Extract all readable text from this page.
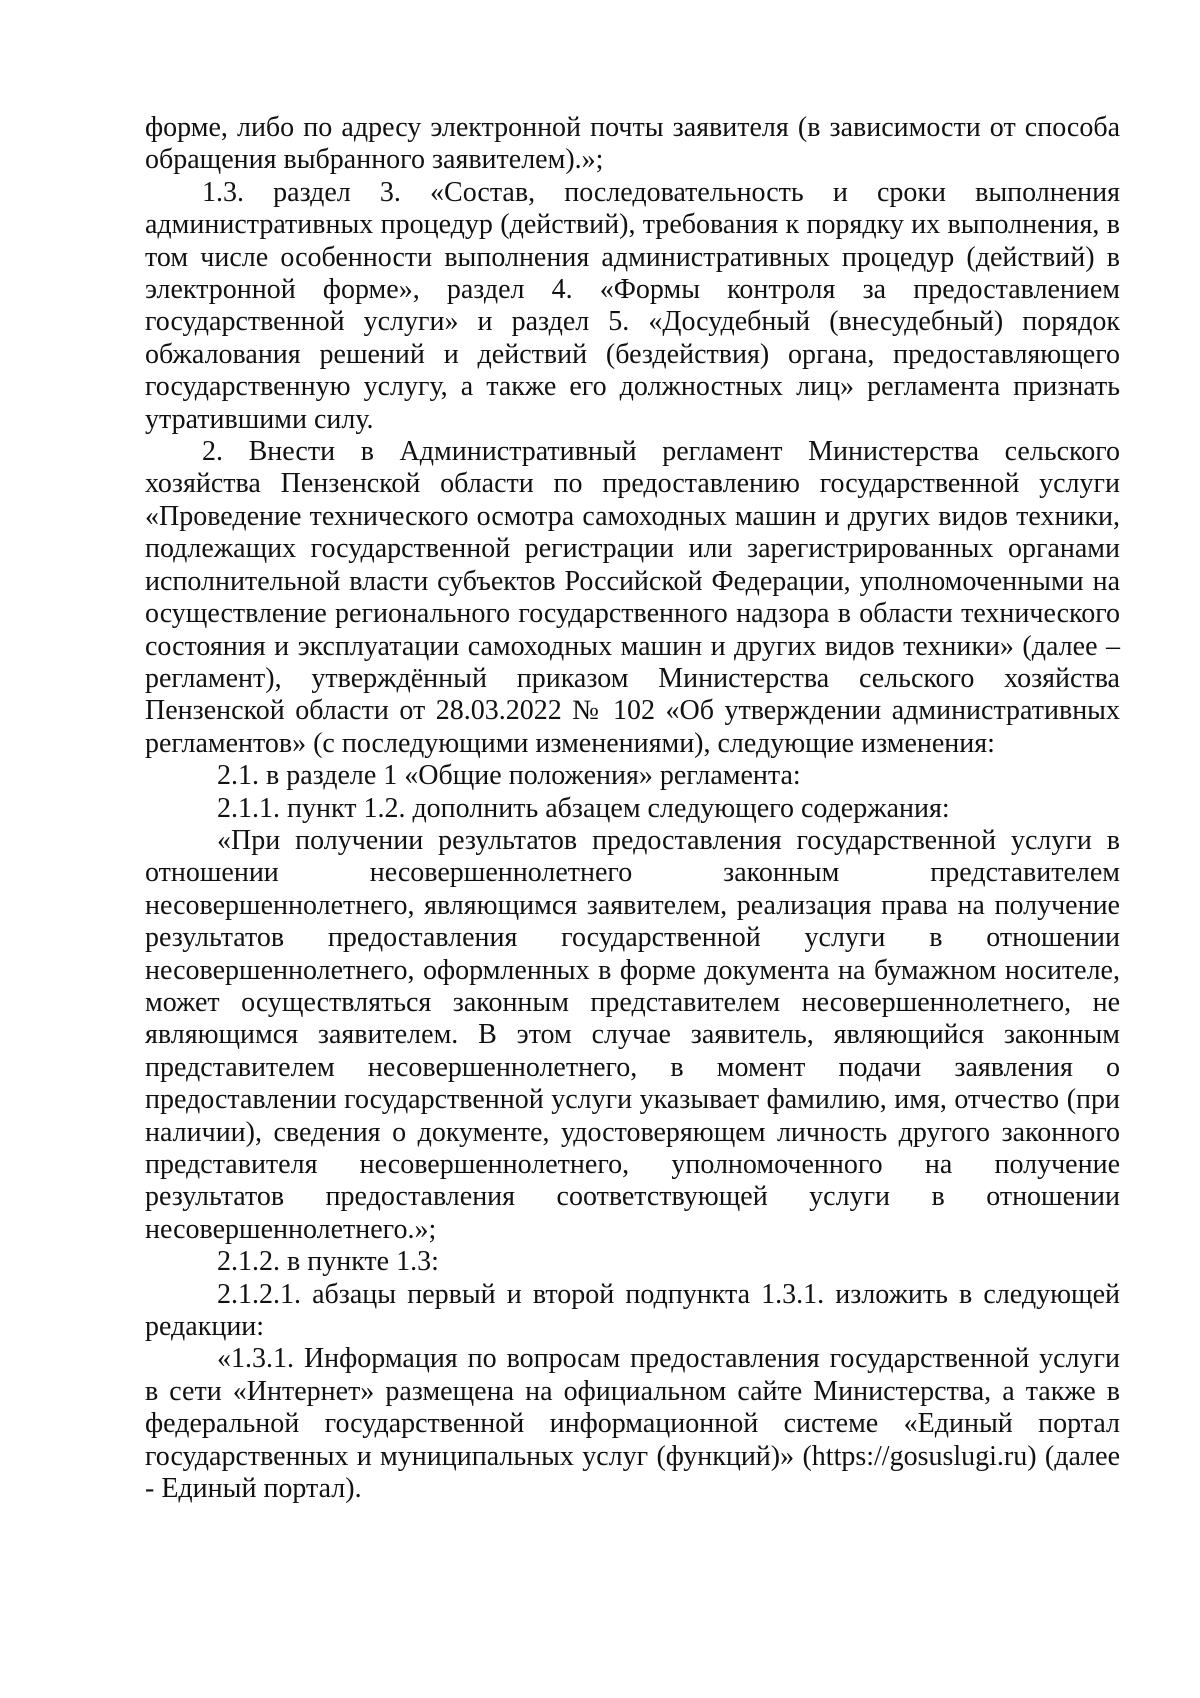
форме, либо по адресу электронной почты заявителя (в зависимости от способа обращения выбранного заявителем).»;

1.3. раздел 3. «Состав, последовательность и сроки выполнения административных процедур (действий), требования к порядку их выполнения, в том числе особенности выполнения административных процедур (действий) в электронной форме», раздел 4. «Формы контроля за предоставлением государственной услуги» и раздел 5. «Досудебный (внесудебный) порядок обжалования решений и действий (бездействия) органа, предоставляющего государственную услугу, а также его должностных лиц» регламента признать утратившими силу.

2. Внести в Административный регламент Министерства сельского хозяйства Пензенской области по предоставлению государственной услуги «Проведение технического осмотра самоходных машин и других видов техники, подлежащих государственной регистрации или зарегистрированных органами исполнительной власти субъектов Российской Федерации, уполномоченными на осуществление регионального государственного надзора в области технического состояния и эксплуатации самоходных машин и других видов техники» (далее – регламент), утверждённый приказом Министерства сельского хозяйства Пензенской области от 28.03.2022 № 102 «Об утверждении административных регламентов» (с последующими изменениями), следующие изменения:

2.1. в разделе 1 «Общие положения» регламента:

2.1.1. пункт 1.2. дополнить абзацем следующего содержания:

«При получении результатов предоставления государственной услуги в отношении несовершеннолетнего законным представителем несовершеннолетнего, являющимся заявителем, реализация права на получение результатов предоставления государственной услуги в отношении несовершеннолетнего, оформленных в форме документа на бумажном носителе, может осуществляться законным представителем несовершеннолетнего, не являющимся заявителем. В этом случае заявитель, являющийся законным представителем несовершеннолетнего, в момент подачи заявления о предоставлении государственной услуги указывает фамилию, имя, отчество (при наличии), сведения о документе, удостоверяющем личность другого законного представителя несовершеннолетнего, уполномоченного на получение результатов предоставления соответствующей услуги в отношении несовершеннолетнего.»;

2.1.2. в пункте 1.3:

2.1.2.1. абзацы первый и второй подпункта 1.3.1. изложить в следующей редакции:

«1.3.1. Информация по вопросам предоставления государственной услуги в сети «Интернет» размещена на официальном сайте Министерства, а также в федеральной государственной информационной системе «Единый портал государственных и муниципальных услуг (функций)» (https://gosuslugi.ru) (далее - Единый портал).
